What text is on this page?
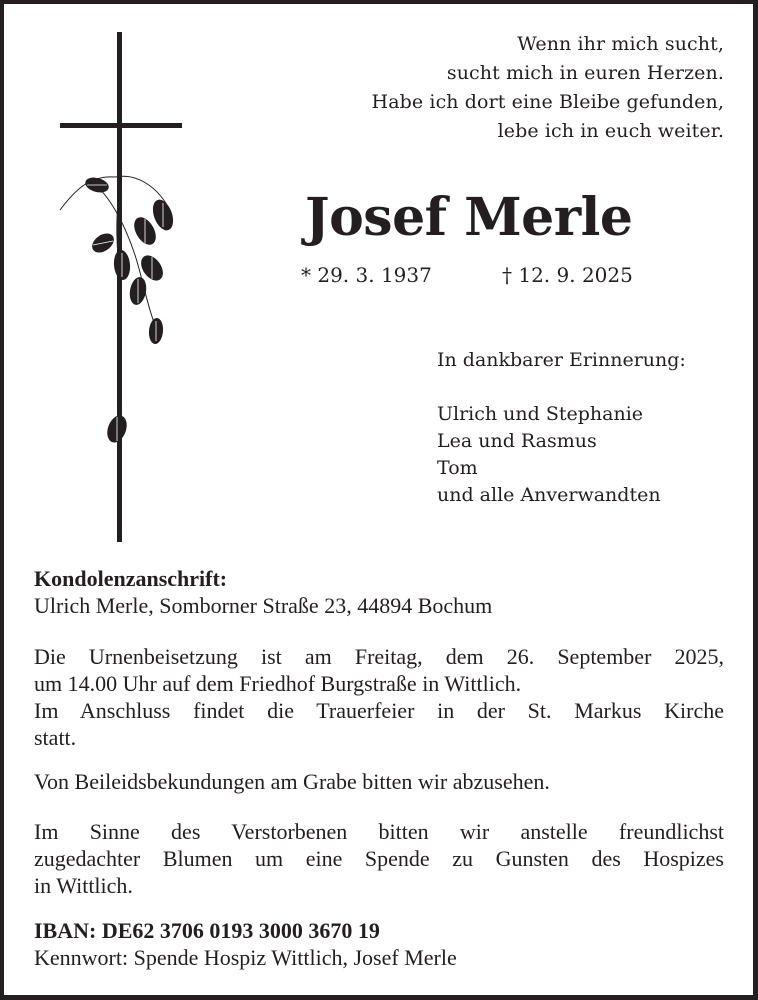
Wenn ihr mich sucht,
sucht mich in euren Herzen.
Habe ich dort eine Bleibe gefunden,
lebe ich in euch weiter.
Josef Merle
* 29. 3. 1937	† 12. 9. 2025
In dankbarer Erinnerung:
Ulrich und Stephanie
Lea und Rasmus
Tom
und alle Anverwandten
Kondolenzanschrift:
Ulrich Merle, Somborner Straße 23, 44894 Bochum
Die Urnenbeisetzung ist am Freitag, dem 26. September 2025,
um 14.00 Uhr auf dem Friedhof Burgstraße in Wittlich.
Im Anschluss findet die Trauerfeier in der St. Markus Kirche
statt.
Von Beileidsbekundungen am Grabe bitten wir abzusehen.
Im Sinne des Verstorbenen bitten wir anstelle freundlichst
zugedachter Blumen um eine Spende zu Gunsten des Hospizes
in Wittlich.
IBAN: DE62 3706 0193 3000 3670 19
Kennwort: Spende Hospiz Wittlich, Josef Merle
